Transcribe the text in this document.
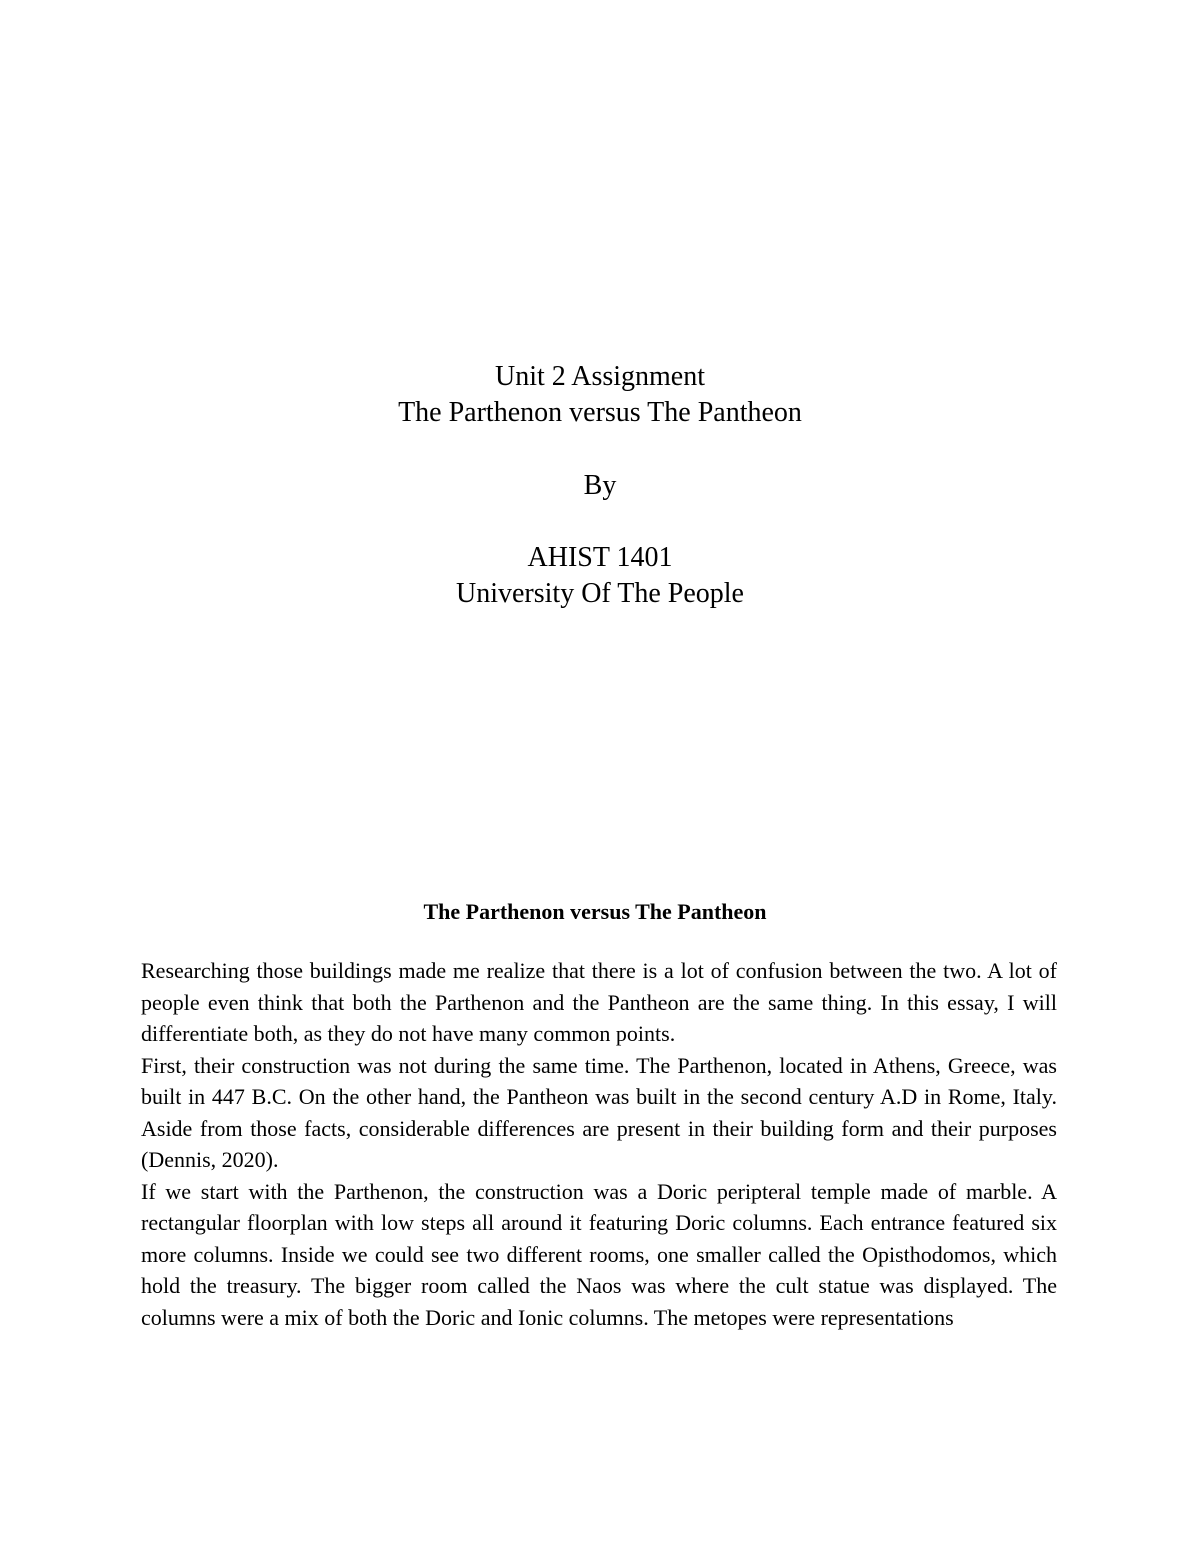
Unit 2 Assignment
The Parthenon versus The Pantheon
By
AHIST 1401
University Of The People
The Parthenon versus The Pantheon

Researching those buildings made me realize that there is a lot of confusion between the two. A lot of people even think that both the Parthenon and the Pantheon are the same thing. In this essay, I will differentiate both, as they do not have many common points.

First, their construction was not during the same time. The Parthenon, located in Athens, Greece, was built in 447 B.C. On the other hand, the Pantheon was built in the second century A.D in Rome, Italy. Aside from those facts, considerable differences are present in their building form and their purposes (Dennis, 2020).

If we start with the Parthenon, the construction was a Doric peripteral temple made of marble. A rectangular floorplan with low steps all around it featuring Doric columns. Each entrance featured six more columns. Inside we could see two different rooms, one smaller called the Opisthodomos, which hold the treasury. The bigger room called the Naos was where the cult statue was displayed. The columns were a mix of both the Doric and Ionic columns. The metopes were representations
